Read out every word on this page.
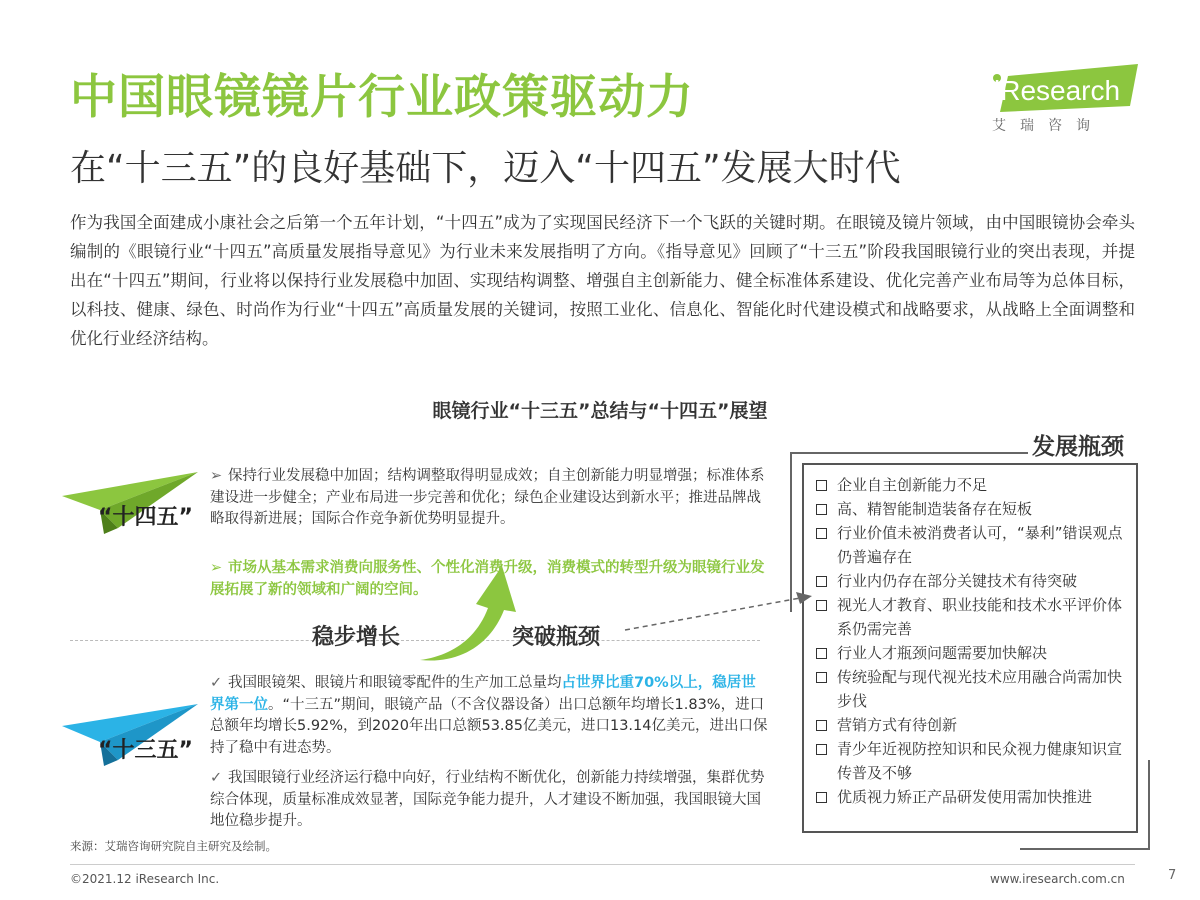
中国眼镜镜片行业政策驱动力
在“十三五”的良好基础下，迈入“十四五”发展大时代
iResearch
艾瑞咨询
作为我国全面建成小康社会之后第一个五年计划，“十四五”成为了实现国民经济下一个飞跃的关键时期。在眼镜及镜片领域，由中国眼镜协会牵头编制的《眼镜行业“十四五”高质量发展指导意见》为行业未来发展指明了方向。《指导意见》回顾了“十三五”阶段我国眼镜行业的突出表现，并提出在“十四五”期间，行业将以保持行业发展稳中加固、实现结构调整、增强自主创新能力、健全标准体系建设、优化完善产业布局等为总体目标，以科技、健康、绿色、时尚作为行业“十四五”高质量发展的关键词，按照工业化、信息化、智能化时代建设模式和战略要求，从战略上全面调整和优化行业经济结构。
眼镜行业“十三五”总结与“十四五”展望
发展瓶颈
企业自主创新能力不足
高、精智能制造装备存在短板
行业价值未被消费者认可，“暴利”错误观点仍普遍存在
行业内仍存在部分关键技术有待突破
视光人才教育、职业技能和技术水平评价体系仍需完善
行业人才瓶颈问题需要加快解决
传统验配与现代视光技术应用融合尚需加快步伐
营销方式有待创新
青少年近视防控知识和民众视力健康知识宣传普及不够
优质视力矫正产品研发使用需加快推进
“十四五”
“十三五”
➢ 保持行业发展稳中加固；结构调整取得明显成效；自主创新能力明显增强；标准体系建设进一步健全；产业布局进一步完善和优化；绿色企业建设达到新水平；推进品牌战略取得新进展；国际合作竞争新优势明显提升。
➢ 市场从基本需求消费向服务性、个性化消费升级，消费模式的转型升级为眼镜行业发展拓展了新的领域和广阔的空间。
稳步增长	突破瓶颈
✓ 我国眼镜架、眼镜片和眼镜零配件的生产加工总量均占世界比重70%以上，稳居世界第一位。“十三五”期间，眼镜产品（不含仪器设备）出口总额年均增长1.83%，进口总额年均增长5.92%，到2020年出口总额53.85亿美元，进口13.14亿美元，进出口保持了稳中有进态势。
✓ 我国眼镜行业经济运行稳中向好，行业结构不断优化，创新能力持续增强，集群优势综合体现，质量标准成效显著，国际竞争能力提升，人才建设不断加强，我国眼镜大国地位稳步提升。
来源：艾瑞咨询研究院自主研究及绘制。
©2021.12 iResearch Inc.	www.iresearch.com.cn	7
